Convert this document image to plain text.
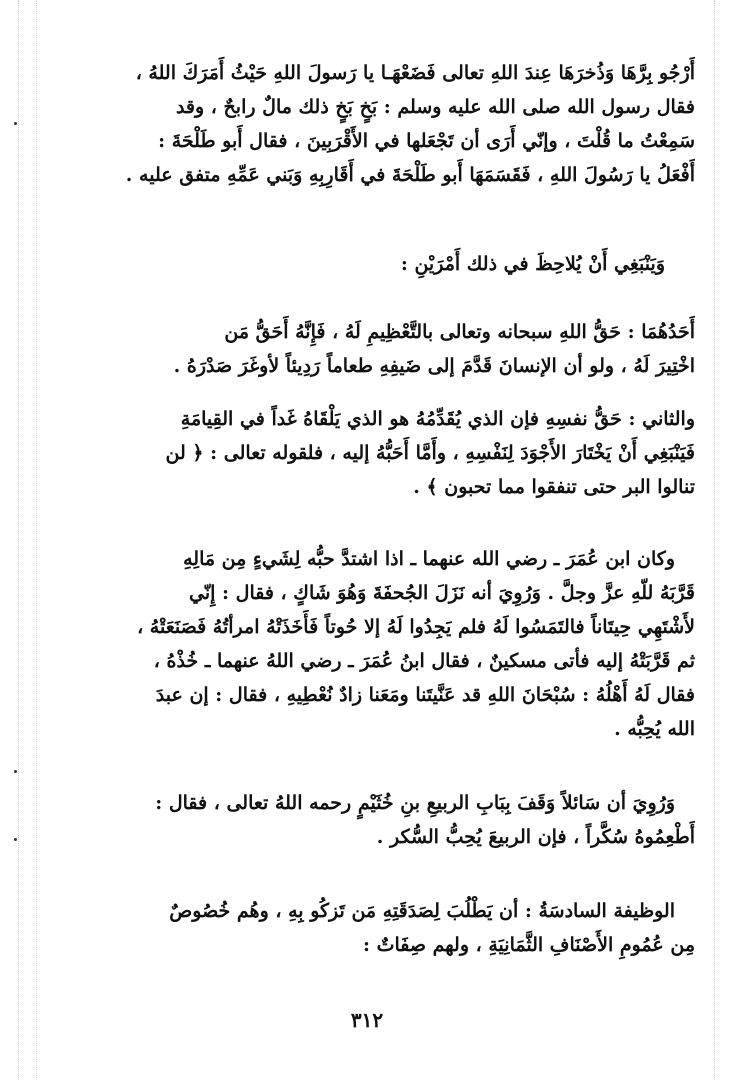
أَرْجُو بِرَّهَا وَذُخرَهَا عِندَ اللهِ تعالى فَضَعْهَـا يا رَسولَ اللهِ حَيْثُ أَمَرَكَ اللهُ ،
فقال رسول الله صلى الله عليه وسلم : بَخٍ بَخٍ ذلك مالٌ رابحٌ ، وقد
سَمِعْتُ ما قُلْتَ ، وإنّي أَرَى أن تَجْعَلها في الأَقْرَبِينَ ، فقال أَبو طَلْحَةَ :
أَفْعَلُ يا رَسُولَ اللهِ ، فَقَسَمَهَا أَبو طَلْحَةَ في أَقَارِبِهِ وَبَني عَمِّهِ متفق عليه .
وَيَنْبَغِي أَنْ يُلاحِظَ في ذلك أَمْرَيْنِ :
أَحَدُهُمَا : حَقُّ اللهِ سبحانه وتعالى بالتَّعْظِيمِ لَهُ ، فَإِنَّهُ أَحَقُّ مَن
اخْتِيرَ لَهُ ، ولو أن الإنسانَ قَدَّمَ إلى ضَيفِهِ طعاماً رَدِيئاً لأوغَرَ صَدْرَهُ .
والثاني : حَقُّ نفسِهِ فإن الذي يُقَدِّمُهُ هو الذي يَلْقَاهُ غَداً في القِيامَةِ
فَيَنْبَغِي أَنْ يَخْتَارَ الأَجْوَدَ لِنَفْسِهِ ، وأَمَّا أَحَبُّهُ إليه ، فلقوله تعالى : ﴿ لن
تنالوا البر حتى تنفقوا مما تحبون ﴾ .
وكان ابن عُمَرَ ـ رضي الله عنهما ـ اذا اشتدَّ حبُّه لِشَيءٍ مِن مَالِهِ
قَرَّبَهُ للّهِ عزَّ وجلَّ . وَرُوِيَ أنه نَزَلَ الجُحفَةَ وَهُوَ شَاكٍ ، فقال : إِنّي
لأَشْتَهِي حِيتَاناً فالتَمَسُوا لَهُ فلم يَجِدُوا لَهُ إلا حُوتاً فَأَخَذَتْهُ امرأتُهُ فَصَنَعَتْهُ ،
ثم قَرَّبَتْهُ إليه فأتى مسكينٌ ، فقال ابنُ عُمَرَ ـ رضي اللهُ عنهما ـ خُذْهُ ،
فقال لَهُ أَهْلُهُ : سُبْحَانَ اللهِ قد عَنَّيتَنا ومَعَنا زادٌ نُعْطِيهِ ، فقال : إن عبدَ
الله يُحِبُّه .
وَرُوِيَ أن سَائلاً وَقَفَ بِبَابِ الربيعِ بنِ خُثَيْمٍ رحمه اللهُ تعالى ، فقال :
أَطْعِمُوهُ سُكَّراً ، فإن الربيعَ يُحِبُّ السُّكر .
الوظيفة السادسَةُ : أن يَطْلُبَ لِصَدَقَتِهِ مَن تَزكُو بِهِ ، وهُم خُصُوصٌ
مِن عُمُومِ الأَصْنَافِ الثَّمَانِيَةِ ، ولهم صِفَاتٌ :
٣١٢
